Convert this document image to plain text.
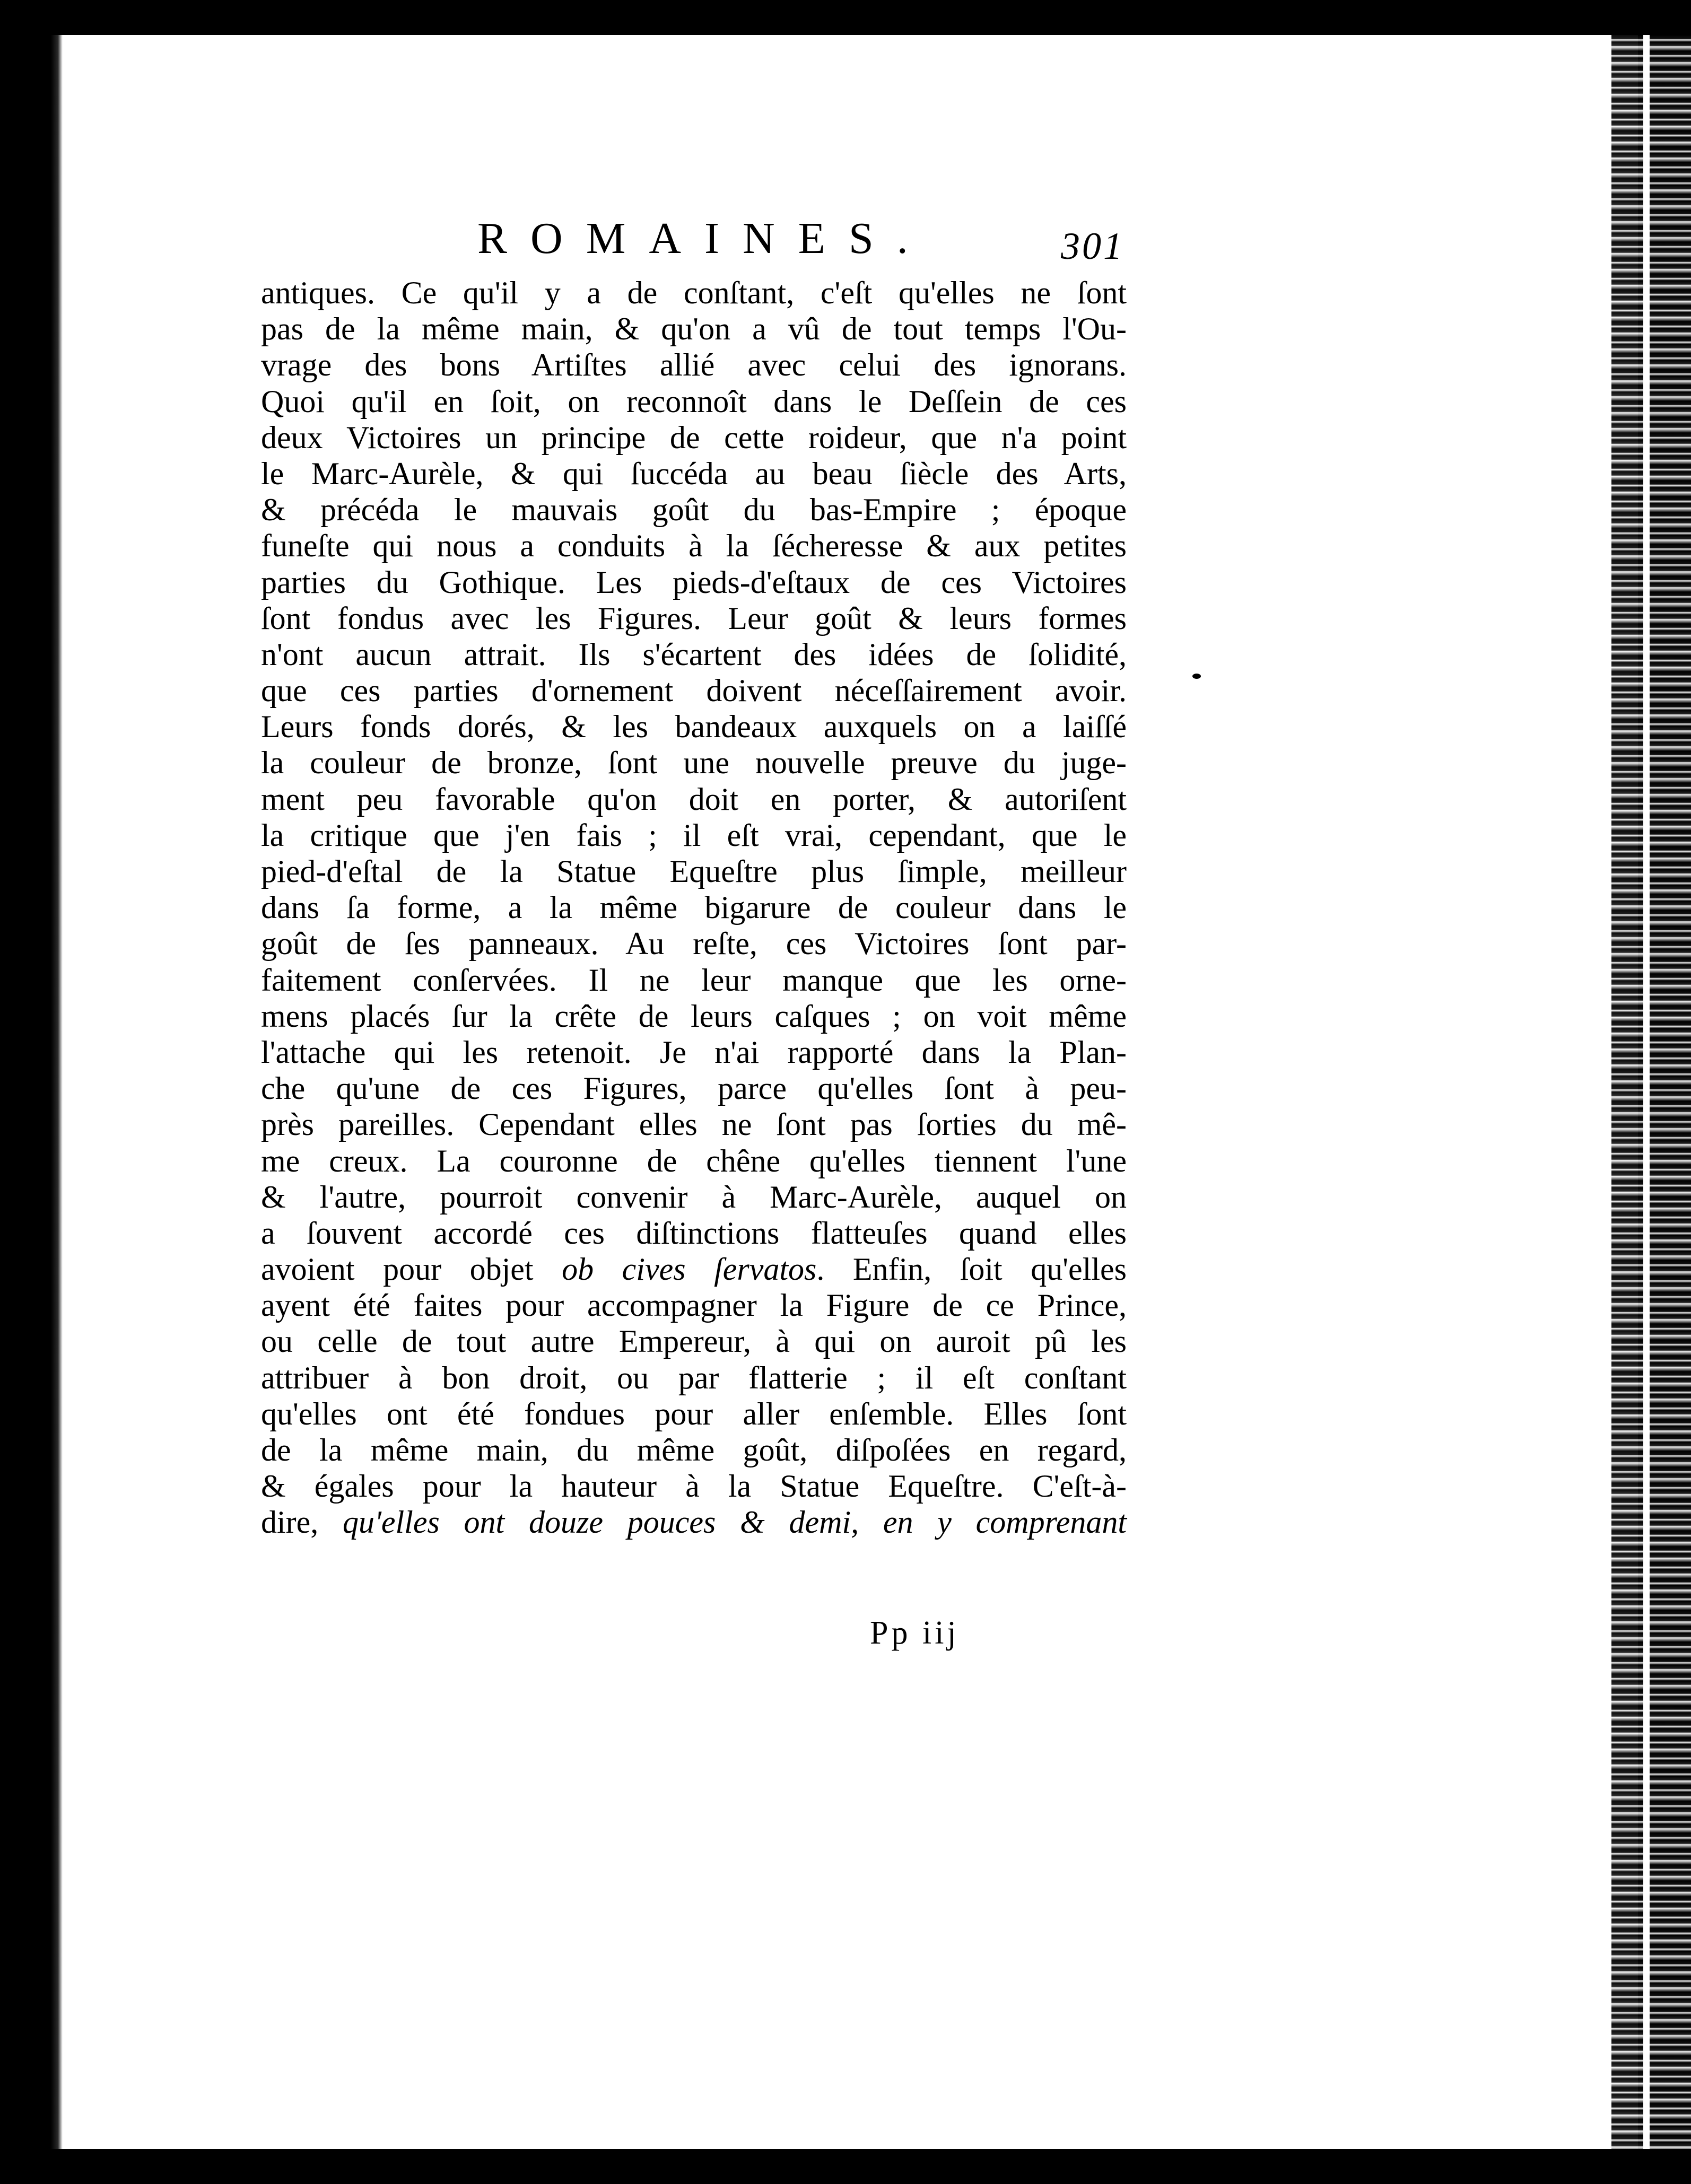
ROMAINES.	301
antiques. Ce qu'il y a de conſtant, c'eſt qu'elles ne ſont
pas de la même main, & qu'on a vû de tout temps l'Ou-
vrage des bons Artiſtes allié avec celui des ignorans.
Quoi qu'il en ſoit, on reconnoît dans le Deſſein de ces
deux Victoires un principe de cette roideur, que n'a point
le Marc-Aurèle, & qui ſuccéda au beau ſiècle des Arts,
& précéda le mauvais goût du bas-Empire ; époque
funeſte qui nous a conduits à la ſécheresse & aux petites
parties du Gothique. Les pieds-d'eſtaux de ces Victoires
ſont fondus avec les Figures. Leur goût & leurs formes
n'ont aucun attrait. Ils s'écartent des idées de ſolidité,
que ces parties d'ornement doivent néceſſairement avoir.
Leurs fonds dorés, & les bandeaux auxquels on a laiſſé
la couleur de bronze, ſont une nouvelle preuve du juge-
ment peu favorable qu'on doit en porter, & autoriſent
la critique que j'en fais ; il eſt vrai, cependant, que le
pied-d'eſtal de la Statue Equeſtre plus ſimple, meilleur
dans ſa forme, a la même bigarure de couleur dans le
goût de ſes panneaux. Au reſte, ces Victoires ſont par-
faitement conſervées. Il ne leur manque que les orne-
mens placés ſur la crête de leurs caſques ; on voit même
l'attache qui les retenoit. Je n'ai rapporté dans la Plan-
che qu'une de ces Figures, parce qu'elles ſont à peu-
près pareilles. Cependant elles ne ſont pas ſorties du mê-
me creux. La couronne de chêne qu'elles tiennent l'une
& l'autre, pourroit convenir à Marc-Aurèle, auquel on
a ſouvent accordé ces diſtinctions flatteuſes quand elles
avoient pour objet ob cives ſervatos. Enfin, ſoit qu'elles
ayent été faites pour accompagner la Figure de ce Prince,
ou celle de tout autre Empereur, à qui on auroit pû les
attribuer à bon droit, ou par flatterie ; il eſt conſtant
qu'elles ont été fondues pour aller enſemble. Elles ſont
de la même main, du même goût, diſpoſées en regard,
& égales pour la hauteur à la Statue Equeſtre. C'eſt-à-
dire, qu'elles ont douze pouces & demi, en y comprenant
Pp iij
